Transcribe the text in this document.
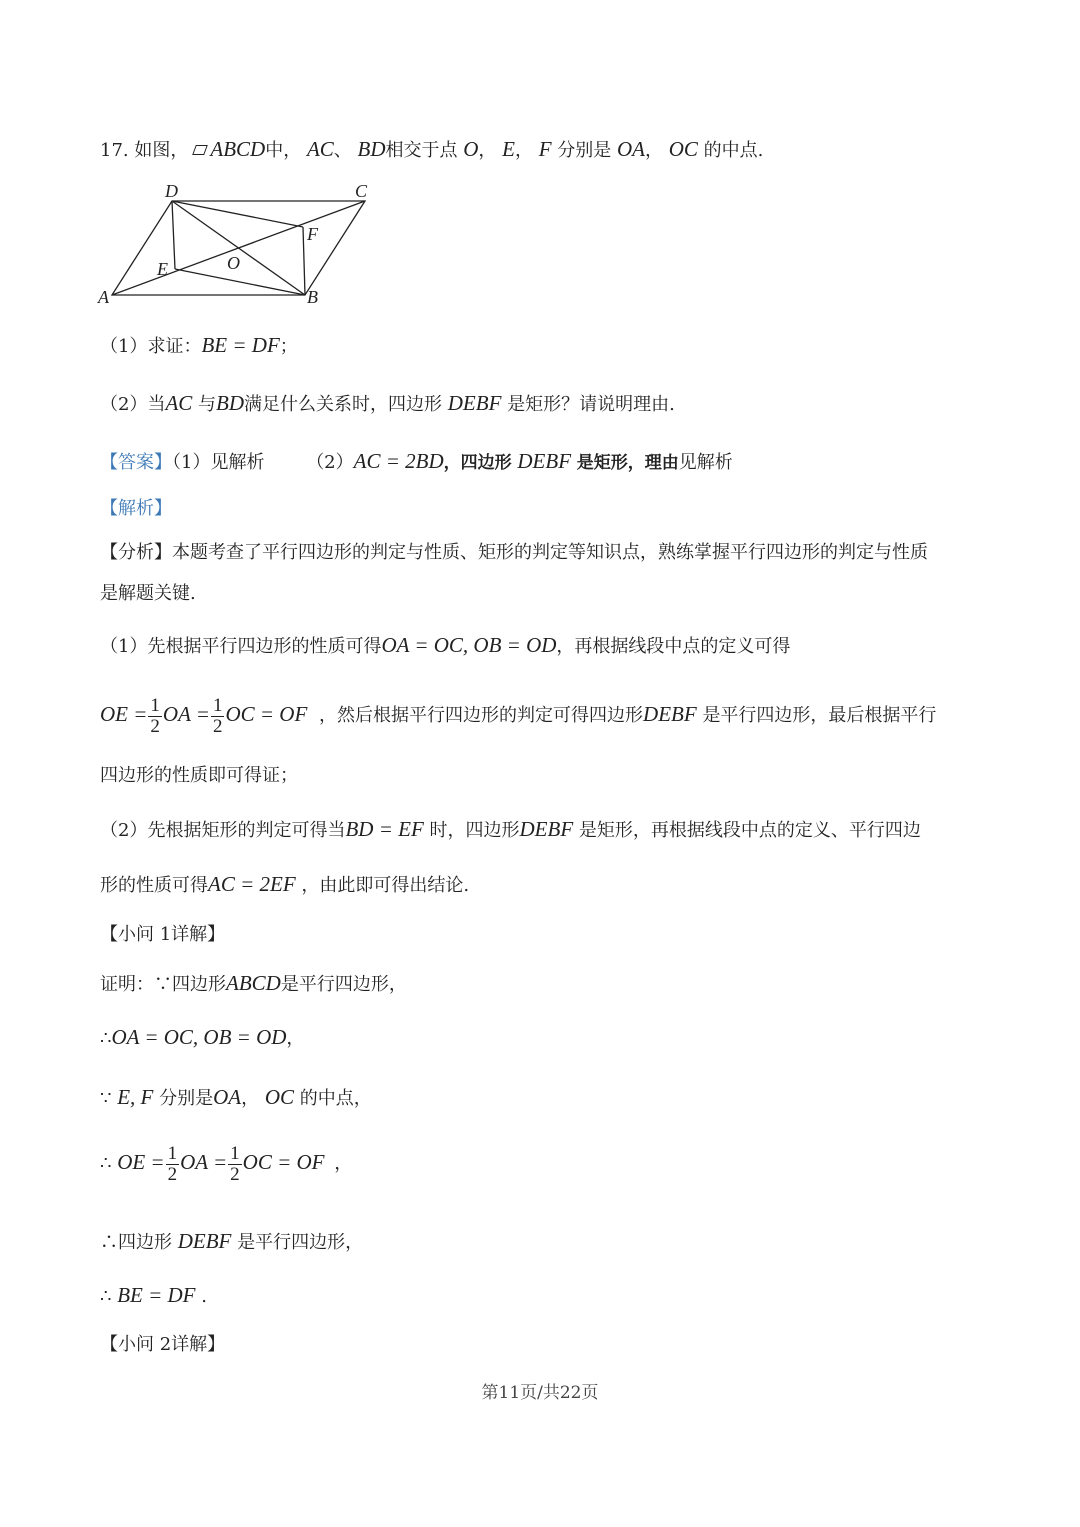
17. 如图， ABCD中， AC、 BD相交于点 O， E， F 分别是 OA， OC 的中点.
D	C
F
O
E
A	B
（1）求证：BE = DF；
（2）当AC 与BD满足什么关系时，四边形 DEBF 是矩形？请说明理由.
【答案】（1）见解析 （2）AC = 2BD，四边形 DEBF 是矩形，理由见解析
【解析】
【分析】本题考查了平行四边形的判定与性质、矩形的判定等知识点，熟练掌握平行四边形的判定与性质
是解题关键.
（1）先根据平行四边形的性质可得OA = OC, OB = OD，再根据线段中点的定义可得
OE = $\frac{1}{2}$ OA = $\frac{1}{2}$ OC = OF ，然后根据平行四边形的判定可得四边形DEBF 是平行四边形，最后根据平行
四边形的性质即可得证；
（2）先根据矩形的判定可得当BD = EF 时，四边形DEBF 是矩形，再根据线段中点的定义、平行四边
形的性质可得AC = 2EF ，由此即可得出结论.
【小问 1详解】
证明：∵四边形ABCD是平行四边形，
∴OA = OC, OB = OD，
∵ E, F 分别是OA， OC 的中点，
∴ OE = $\frac{1}{2}$ OA = $\frac{1}{2}$ OC = OF ，
∴四边形 DEBF 是平行四边形，
∴ BE = DF .
【小问 2详解】
第11页/共22页
